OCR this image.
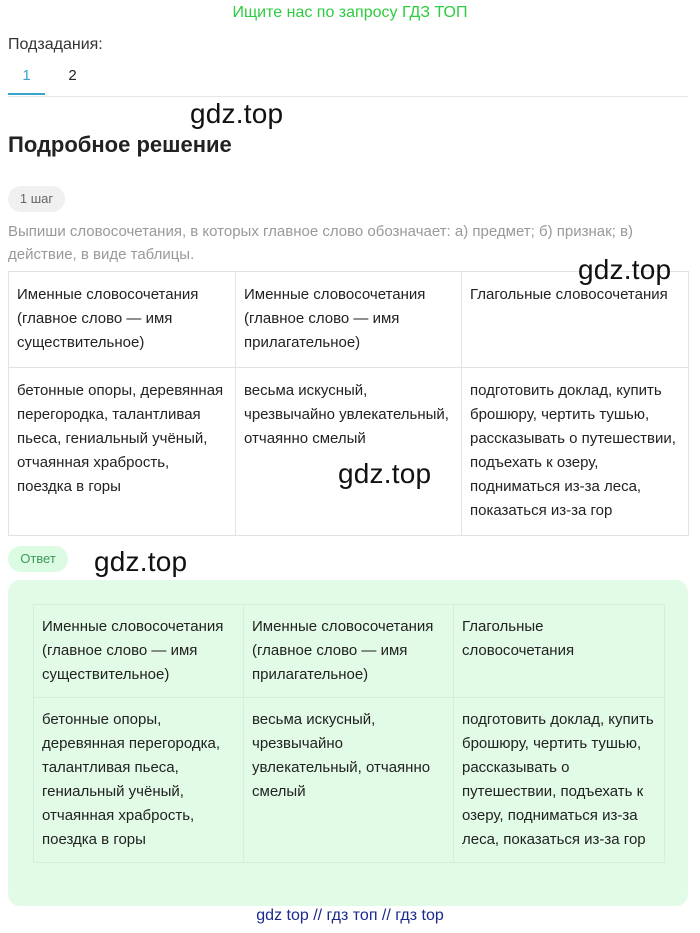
Ищите нас по запросу ГДЗ ТОП
Подзадания:
1	2
gdz.top
Подробное решение
1 шаг
Выпиши словосочетания, в которых главное слово обозначает: а) предмет; б) признак; в) действие, в виде таблицы.
Именные словосочетания (главное слово — имя существительное)	Именные словосочетания (главное слово — имя прилагательное)	Глагольные словосочетания
бетонные опоры, деревянная перегородка, талантливая пьеса, гениальный учёный, отчаянная храбрость, поездка в горы	весьма искусный, чрезвычайно увлекательный, отчаянно смелый	подготовить доклад, купить брошюру, чертить тушью, рассказывать о путешествии, подъехать к озеру, подниматься из-за леса, показаться из-за гор
gdz.top
gdz.top
Ответ	gdz.top
Именные словосочетания (главное слово — имя существительное)	Именные словосочетания (главное слово — имя прилагательное)	Глагольные словосочетания
бетонные опоры, деревянная перегородка, талантливая пьеса, гениальный учёный, отчаянная храбрость, поездка в горы	весьма искусный, чрезвычайно увлекательный, отчаянно смелый	подготовить доклад, купить брошюру, чертить тушью, рассказывать о путешествии, подъехать к озеру, подниматься из-за леса, показаться из-за гор
gdz top // гдз топ // гдз top
